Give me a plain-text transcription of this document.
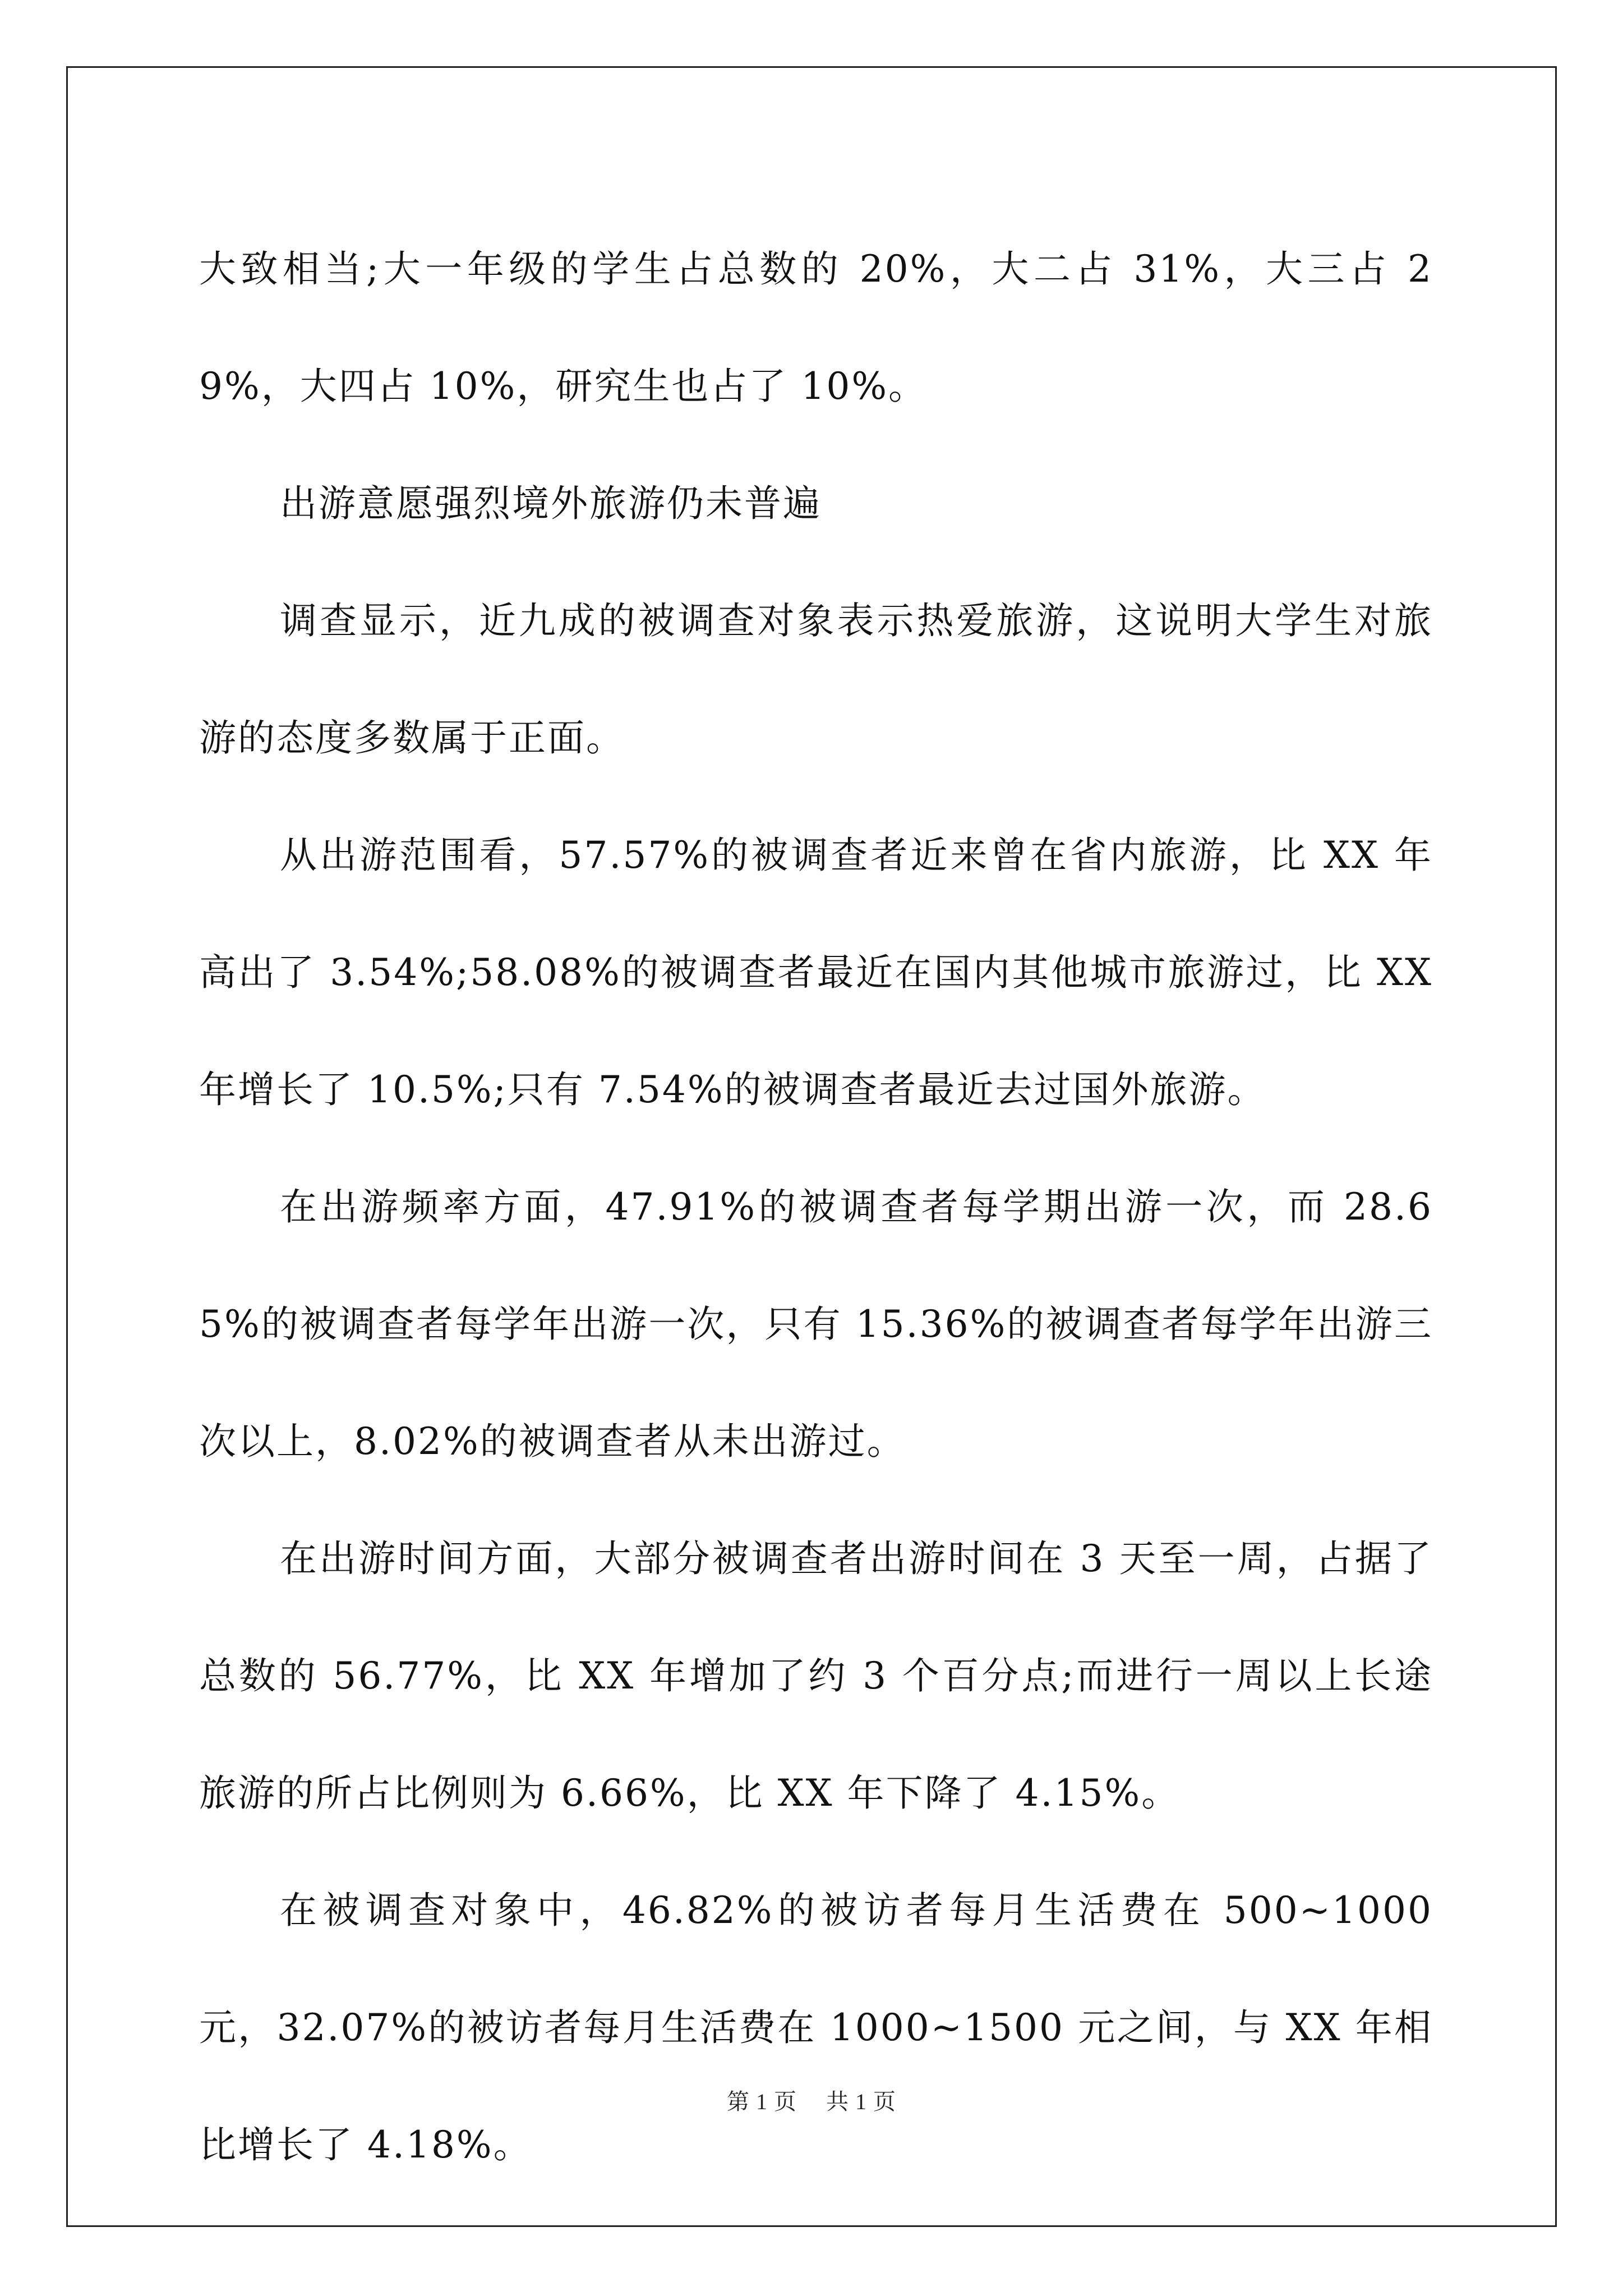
大致相当;大一年级的学生占总数的 20%，大二占 31%，大三占 29%，大四占 10%，研究生也占了 10%。

出游意愿强烈境外旅游仍未普遍

调查显示，近九成的被调查对象表示热爱旅游，这说明大学生对旅游的态度多数属于正面。

从出游范围看，57.57%的被调查者近来曾在省内旅游，比 XX 年高出了 3.54%;58.08%的被调查者最近在国内其他城市旅游过，比 XX 年增长了 10.5%;只有 7.54%的被调查者最近去过国外旅游。

在出游频率方面，47.91%的被调查者每学期出游一次，而 28.65%的被调查者每学年出游一次，只有 15.36%的被调查者每学年出游三次以上，8.02%的被调查者从未出游过。

在出游时间方面，大部分被调查者出游时间在 3 天至一周，占据了总数的 56.77%，比 XX 年增加了约 3 个百分点;而进行一周以上长途旅游的所占比例则为 6.66%，比 XX 年下降了 4.15%。

在被调查对象中，46.82%的被访者每月生活费在 500~1000 元，32.07%的被访者每月生活费在 1000~1500 元之间，与 XX 年相比增长了 4.18%。

第 1 页 共 1 页
